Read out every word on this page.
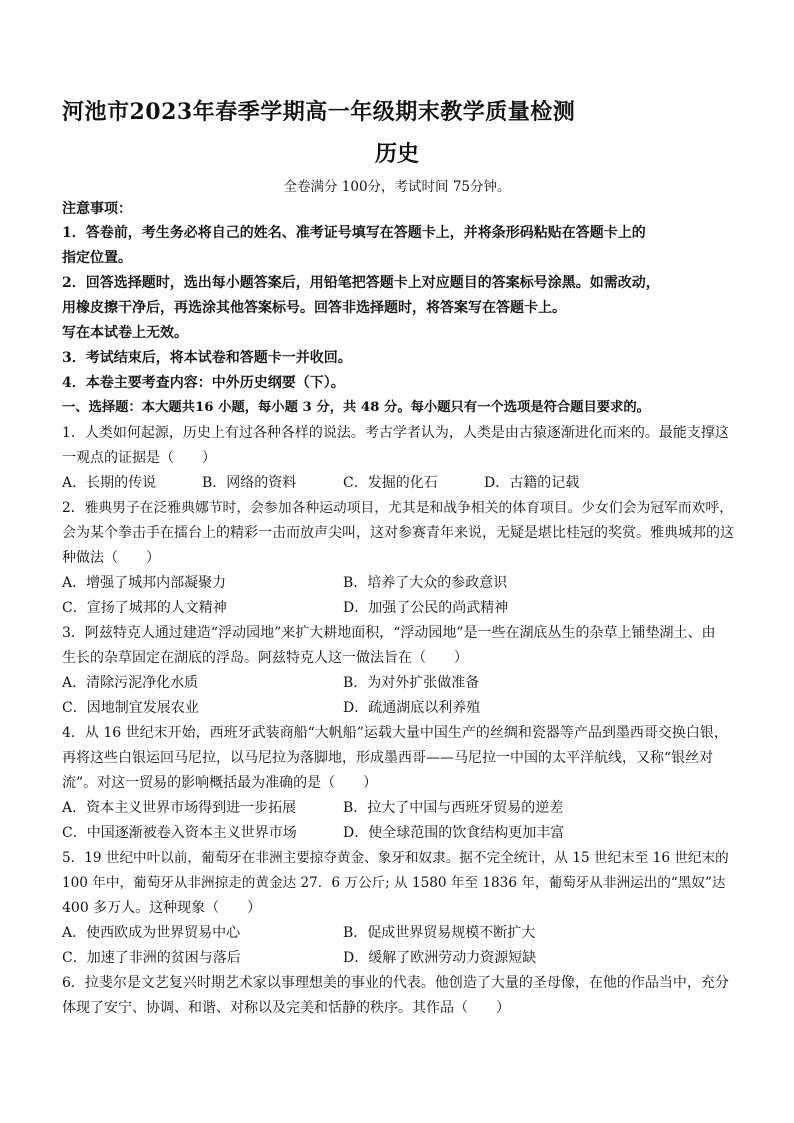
河池市2023年春季学期高一年级期末教学质量检测
历史
全卷满分 100分，考试时间 75分钟。
注意事项：
1．答卷前，考生务必将自己的姓名、准考证号填写在答题卡上，并将条形码粘贴在答题卡上的
指定位置。
2．回答选择题时，选出每小题答案后，用铅笔把答题卡上对应题目的答案标号涂黑。如需改动，
用橡皮擦干净后，再选涂其他答案标号。回答非选择题时，将答案写在答题卡上。
写在本试卷上无效。
3．考试结束后，将本试卷和答题卡一并收回。
4．本卷主要考查内容：中外历史纲要（下）。
一、选择题：本大题共16 小题，每小题 3 分，共 48 分。每小题只有一个选项是符合题目要求的。
1．人类如何起源，历史上有过各种各样的说法。考古学者认为，人类是由古猿逐渐进化而来的。最能支撑这
一观点的证据是（　　）
A．长期的传说	B．网络的资料	C．发掘的化石	D．古籍的记载
2．雅典男子在泛雅典娜节时，会参加各种运动项目，尤其是和战争相关的体育项目。少女们会为冠军而欢呼，
会为某个拳击手在擂台上的精彩一击而放声尖叫，这对参赛青年来说，无疑是堪比桂冠的奖赏。雅典城邦的这
种做法（　　）
A．增强了城邦内部凝聚力	B．培养了大众的参政意识
C．宣扬了城邦的人文精神	D．加强了公民的尚武精神
3．阿兹特克人通过建造“浮动园地”来扩大耕地面积，“浮动园地”是一些在湖底丛生的杂草上铺垫湖土、由
生长的杂草固定在湖底的浮岛。阿兹特克人这一做法旨在（　　）
A．清除污泥净化水质	B．为对外扩张做准备
C．因地制宜发展农业	D．疏通湖底以利养殖
4．从 16 世纪末开始，西班牙武装商船“大帆船”运载大量中国生产的丝绸和瓷器等产品到墨西哥交换白银，
再将这些白银运回马尼拉，以马尼拉为落脚地，形成墨西哥——马尼拉一中国的太平洋航线，又称“银丝对
流”。对这一贸易的影响概括最为准确的是（　　）
A．资本主义世界市场得到进一步拓展	B．拉大了中国与西班牙贸易的逆差
C．中国逐渐被卷入资本主义世界市场	D．使全球范围的饮食结构更加丰富
5．19 世纪中叶以前，葡萄牙在非洲主要掠夺黄金、象牙和奴隶。据不完全统计，从 15 世纪末至 16 世纪末的
100 年中，葡萄牙从非洲掠走的黄金达 27．6 万公斤; 从 1580 年至 1836 年，葡萄牙从非洲运出的“黑奴”达
400 多万人。这种现象（　　）
A．使西欧成为世界贸易中心	B．促成世界贸易规模不断扩大
C．加速了非洲的贫困与落后	D．缓解了欧洲劳动力资源短缺
6．拉斐尔是文艺复兴时期艺术家以事理想美的事业的代表。他创造了大量的圣母像，在他的作品当中，充分
体现了安宁、协调、和谐、对称以及完美和恬静的秩序。其作品（　　）
